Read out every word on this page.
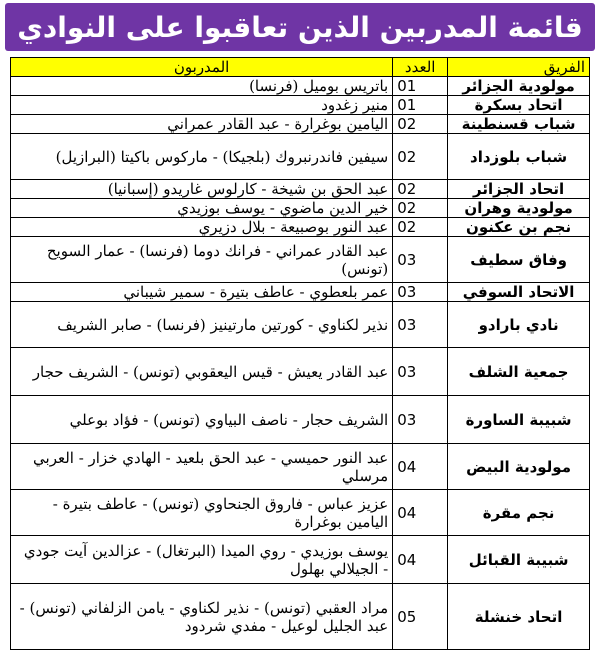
قائمة المدربين الذين تعاقبوا على النوادي
الفريق	العدد	المدربون
مولودية الجزائر	01	باتريس بوميل (فرنسا)
اتحاد بسكرة	01	منير زغدود
شباب قسنطينة	02	اليامين بوغرارة - عبد القادر عمراني
شباب بلوزداد	02	سيفين فاندرنبروك (بلجيكا) - ماركوس باكيتا (البرازيل)
اتحاد الجزائر	02	عبد الحق بن شيخة - كارلوس غاريدو (إسبانيا)
مولودية وهران	02	خير الدين ماضوي - يوسف بوزيدي
نجم بن عكنون	02	عبد النور بوصبيعة - بلال دزيري
وفاق سطيف	03	عبد القادر عمراني - فرانك دوما (فرنسا) - عمار السويح (تونس)
الاتحاد السوفي	03	عمر بلعطوي - عاطف بتيرة - سمير شيباني
نادي بارادو	03	نذير لكناوي - كورتين مارتينيز (فرنسا) - صابر الشريف
جمعية الشلف	03	عبد القادر يعيش - قيس اليعقوبي (تونس) - الشريف حجار
شبيبة الساورة	03	الشريف حجار - ناصف البياوي (تونس) - فؤاد بوعلي
مولودية البيض	04	عبد النور حميسي - عبد الحق بلعيد - الهادي خزار - العربي مرسلي
نجم مقرة	04	عزيز عباس - فاروق الجنحاوي (تونس) - عاطف بتيرة - اليامين بوغرارة
شبيبة القبائل	04	يوسف بوزيدي - روي الميدا (البرتغال) - عزالدين آيت جودي - الجيلالي بهلول
اتحاد خنشلة	05	مراد العقبي (تونس) - نذير لكناوي - يامن الزلفاني (تونس) - عبد الجليل لوعيل - مفدي شردود
